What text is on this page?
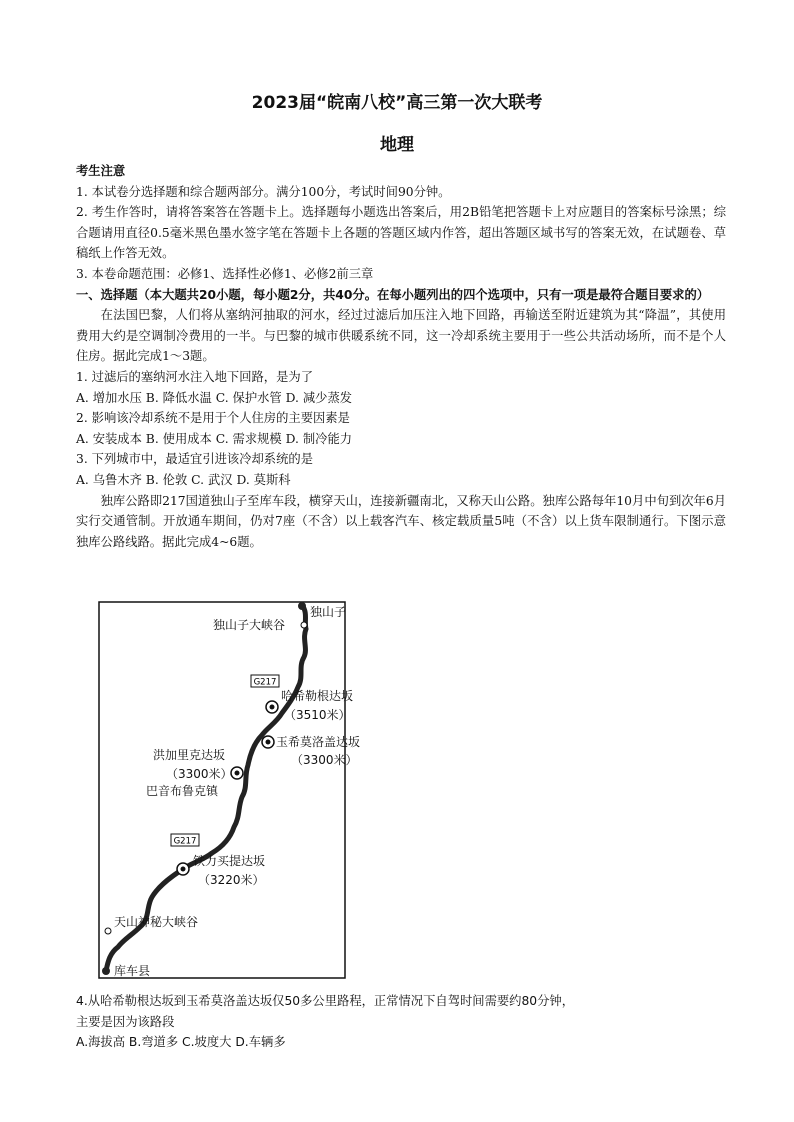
2023届“皖南八校”高三第一次大联考
地理

考生注意

1. 本试卷分选择题和综合题两部分。满分100分，考试时间90分钟。

2. 考生作答时，请将答案答在答题卡上。选择题每小题选出答案后，用2B铅笔把答题卡上对应题目的答案标号涂黑；综合题请用直径0.5毫米黑色墨水签字笔在答题卡上各题的答题区域内作答，超出答题区域书写的答案无效，在试题卷、草稿纸上作答无效。

3. 本卷命题范围：必修1、选择性必修1、必修2前三章

一、选择题（本大题共20小题，每小题2分，共40分。在每小题列出的四个选项中，只有一项是最符合题目要求的）

在法国巴黎，人们将从塞纳河抽取的河水，经过过滤后加压注入地下回路，再输送至附近建筑为其“降温”，其使用费用大约是空调制冷费用的一半。与巴黎的城市供暖系统不同，这一冷却系统主要用于一些公共活动场所，而不是个人住房。据此完成1～3题。

1. 过滤后的塞纳河水注入地下回路，是为了

A. 增加水压 B. 降低水温 C. 保护水管 D. 减少蒸发

2. 影响该冷却系统不是用于个人住房的主要因素是

A. 安装成本 B. 使用成本 C. 需求规模 D. 制冷能力

3. 下列城市中，最适宜引进该冷却系统的是

A. 乌鲁木齐 B. 伦敦 C. 武汉 D. 莫斯科

独库公路即217国道独山子至库车段，横穿天山，连接新疆南北，又称天山公路。独库公路每年10月中旬到次年6月实行交通管制。开放通车期间，仍对7座（不含）以上载客汽车、核定载质量5吨（不含）以上货车限制通行。下图示意独库公路线路。据此完成4~6题。

G217
G217
独山子
独山子大峡谷
哈希勒根达坂
（3510米）
玉希莫洛盖达坂
（3300米）
洪加里克达坂
（3300米）
巴音布鲁克镇
铁力买提达坂
（3220米）
天山神秘大峡谷
库车县

4.从哈希勒根达坂到玉希莫洛盖达坂仅50多公里路程，正常情况下自驾时间需要约80分钟，

主要是因为该路段

A.海拔高 B.弯道多 C.坡度大 D.车辆多
